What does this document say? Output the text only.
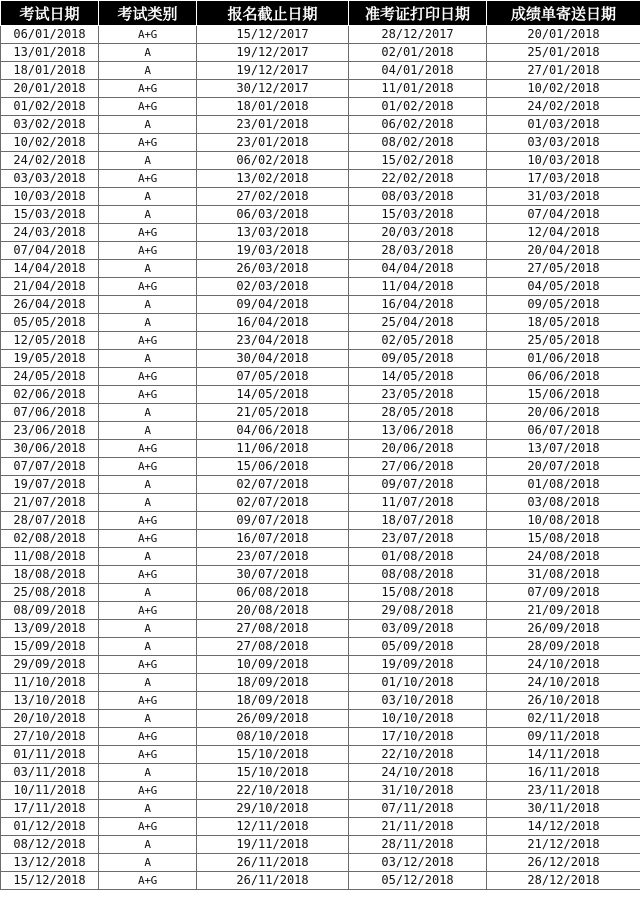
考试日期	考试类别	报名截止日期	准考证打印日期	成绩单寄送日期
06/01/2018	A+G	15/12/2017	28/12/2017	20/01/2018
13/01/2018	A	19/12/2017	02/01/2018	25/01/2018
18/01/2018	A	19/12/2017	04/01/2018	27/01/2018
20/01/2018	A+G	30/12/2017	11/01/2018	10/02/2018
01/02/2018	A+G	18/01/2018	01/02/2018	24/02/2018
03/02/2018	A	23/01/2018	06/02/2018	01/03/2018
10/02/2018	A+G	23/01/2018	08/02/2018	03/03/2018
24/02/2018	A	06/02/2018	15/02/2018	10/03/2018
03/03/2018	A+G	13/02/2018	22/02/2018	17/03/2018
10/03/2018	A	27/02/2018	08/03/2018	31/03/2018
15/03/2018	A	06/03/2018	15/03/2018	07/04/2018
24/03/2018	A+G	13/03/2018	20/03/2018	12/04/2018
07/04/2018	A+G	19/03/2018	28/03/2018	20/04/2018
14/04/2018	A	26/03/2018	04/04/2018	27/05/2018
21/04/2018	A+G	02/03/2018	11/04/2018	04/05/2018
26/04/2018	A	09/04/2018	16/04/2018	09/05/2018
05/05/2018	A	16/04/2018	25/04/2018	18/05/2018
12/05/2018	A+G	23/04/2018	02/05/2018	25/05/2018
19/05/2018	A	30/04/2018	09/05/2018	01/06/2018
24/05/2018	A+G	07/05/2018	14/05/2018	06/06/2018
02/06/2018	A+G	14/05/2018	23/05/2018	15/06/2018
07/06/2018	A	21/05/2018	28/05/2018	20/06/2018
23/06/2018	A	04/06/2018	13/06/2018	06/07/2018
30/06/2018	A+G	11/06/2018	20/06/2018	13/07/2018
07/07/2018	A+G	15/06/2018	27/06/2018	20/07/2018
19/07/2018	A	02/07/2018	09/07/2018	01/08/2018
21/07/2018	A	02/07/2018	11/07/2018	03/08/2018
28/07/2018	A+G	09/07/2018	18/07/2018	10/08/2018
02/08/2018	A+G	16/07/2018	23/07/2018	15/08/2018
11/08/2018	A	23/07/2018	01/08/2018	24/08/2018
18/08/2018	A+G	30/07/2018	08/08/2018	31/08/2018
25/08/2018	A	06/08/2018	15/08/2018	07/09/2018
08/09/2018	A+G	20/08/2018	29/08/2018	21/09/2018
13/09/2018	A	27/08/2018	03/09/2018	26/09/2018
15/09/2018	A	27/08/2018	05/09/2018	28/09/2018
29/09/2018	A+G	10/09/2018	19/09/2018	24/10/2018
11/10/2018	A	18/09/2018	01/10/2018	24/10/2018
13/10/2018	A+G	18/09/2018	03/10/2018	26/10/2018
20/10/2018	A	26/09/2018	10/10/2018	02/11/2018
27/10/2018	A+G	08/10/2018	17/10/2018	09/11/2018
01/11/2018	A+G	15/10/2018	22/10/2018	14/11/2018
03/11/2018	A	15/10/2018	24/10/2018	16/11/2018
10/11/2018	A+G	22/10/2018	31/10/2018	23/11/2018
17/11/2018	A	29/10/2018	07/11/2018	30/11/2018
01/12/2018	A+G	12/11/2018	21/11/2018	14/12/2018
08/12/2018	A	19/11/2018	28/11/2018	21/12/2018
13/12/2018	A	26/11/2018	03/12/2018	26/12/2018
15/12/2018	A+G	26/11/2018	05/12/2018	28/12/2018
